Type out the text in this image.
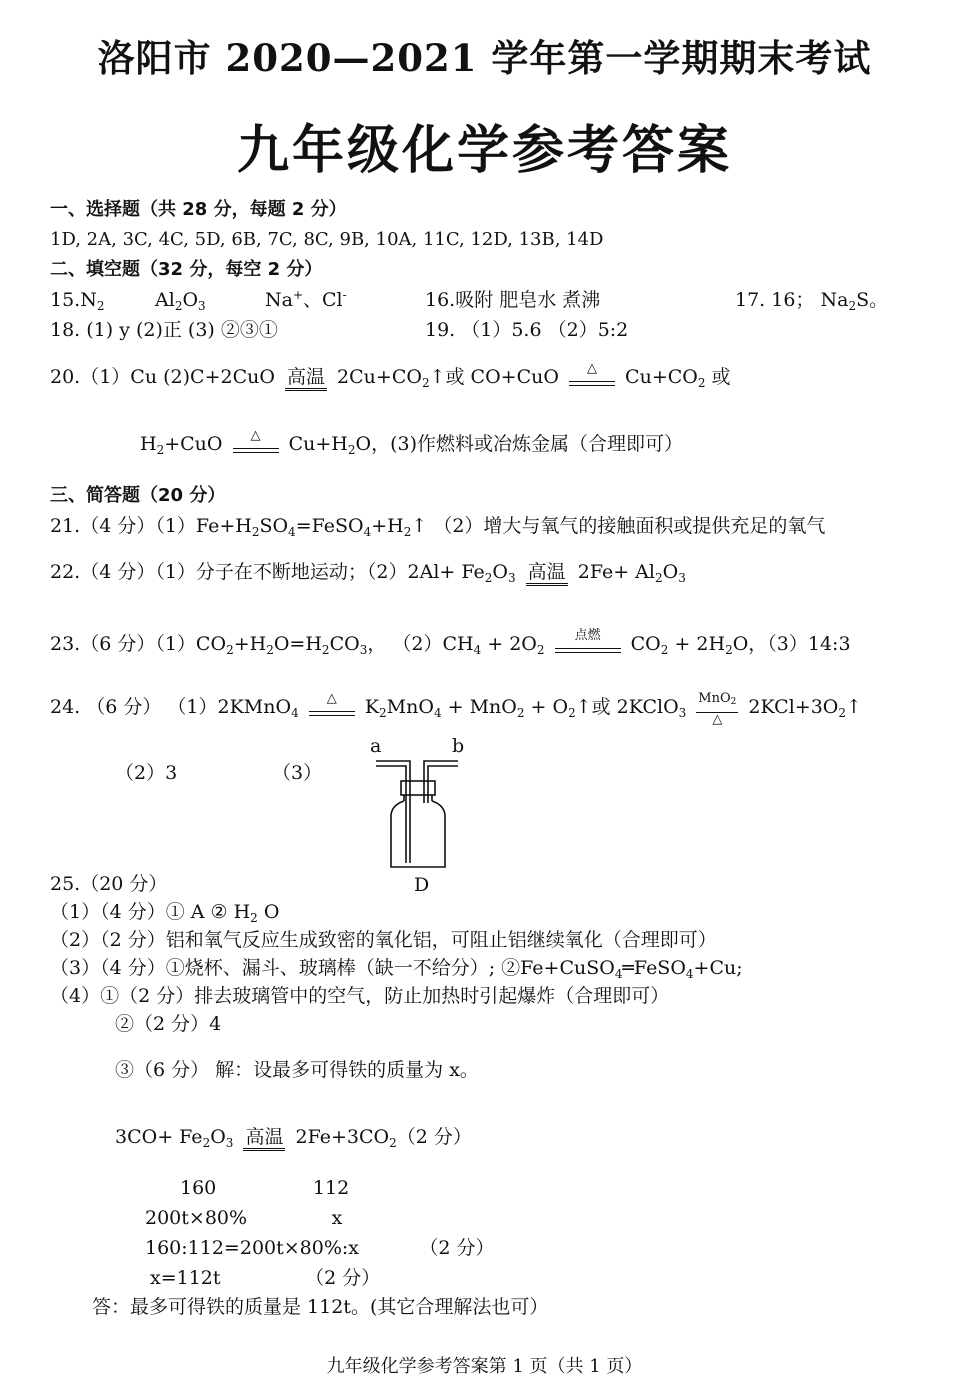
洛阳市 2020—2021 学年第一学期期末考试
九年级化学参考答案
一、选择题（共 28 分，每题 2 分）
1D, 2A, 3C, 4C, 5D, 6B, 7C, 8C, 9B, 10A, 11C, 12D, 13B, 14D
二、填空题（32 分，每空 2 分）
$15.N_2$	$Al_2O_3$	Na+、Cl-	16.吸附 肥皂水 煮沸	17. 16； $Na_2S$。
18. (1) y (2)正 (3) ②③①	19. （1）5.6 （2）5:2
20.（1）Cu (2)C+2CuO 高温 $2Cu+CO_2↑$或 CO+CuO	△	$Cu+CO_2$ 或
$H_2+CuO$	△	$Cu+H_2O$，(3)作燃料或冶炼金属（合理即可）
三、简答题（20 分）
21.（4 分）$(1)Fe+H_2SO_4=FeSO_4+H_2↑$ （2）增大与氧气的接触面积或提供充足的氧气
22.（4 分）（1）分子在不断地运动；$(2)2Al+ Fe_2O_3$ 高温 $2Fe+ Al_2O_3$
23.（6 分）$(1)CO_2+H_2O=H_2CO_3$， $(2)CH_4 + 2O_2$
点燃	$CO_2 + 2H_2O$，（3）14:3
24. （6 分） （1）2KMnO$_4$
△	$K_2MnO_4 + MnO_2$ + $O_2↑$或 2KClO$_3$
MnO$_2$
△
$2KCl+3O_2↑$
a	b
（2）3	（3）
D
25.（20 分）
（1）（4 分）① A ② $H_2$ O
（2）（2 分）铝和氧气反应生成致密的氧化铝，可阻止铝继续氧化（合理即可）
（3）（4 分）①烧杯、漏斗、玻璃棒（缺一不给分）; ②Fe+CuSO$_4$═FeSO$_4$+Cu;
（4）①（2 分）排去玻璃管中的空气，防止加热时引起爆炸（合理即可）
②（2 分）4
③（6 分） 解：设最多可得铁的质量为 x。
$3CO+ Fe_2O_3$ 高温 $2Fe+3CO_2(2$ 分）
160                112
200t×80%              x
160:112=200t×80%:x          （2 分）
x=112t              （2 分）
答：最多可得铁的质量是 112t。(其它合理解法也可）
九年级化学参考答案第 1 页（共 1 页）
